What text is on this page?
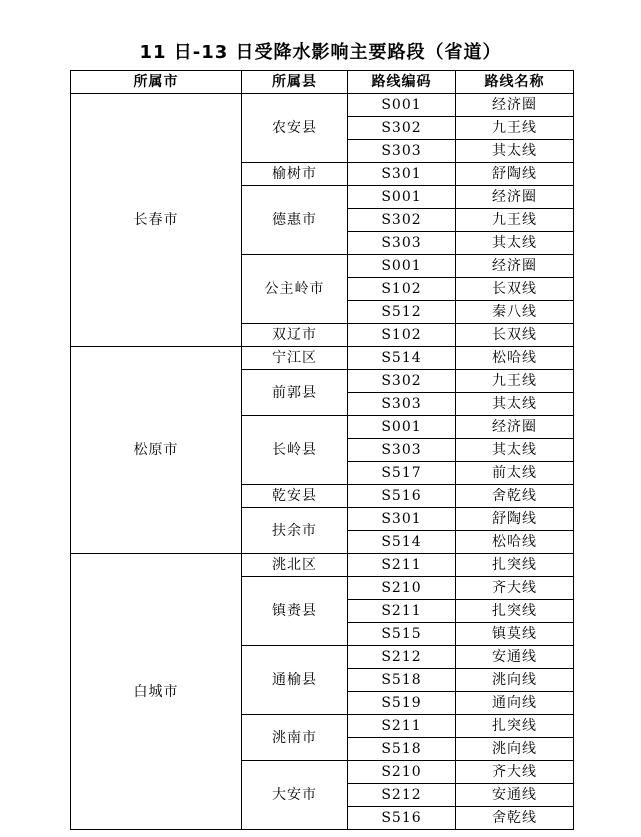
11 日-13 日受降水影响主要路段（省道）
所属市	所属县	路线编码	路线名称
长春市	农安县	S001	经济圈
		S302	九王线
		S303	其太线
	榆树市	S301	舒陶线
	德惠市	S001	经济圈
		S302	九王线
		S303	其太线
	公主岭市	S001	经济圈
		S102	长双线
		S512	秦八线
	双辽市	S102	长双线
松原市	宁江区	S514	松哈线
	前郭县	S302	九王线
		S303	其太线
	长岭县	S001	经济圈
		S303	其太线
		S517	前太线
	乾安县	S516	舍乾线
	扶余市	S301	舒陶线
		S514	松哈线
白城市	洮北区	S211	扎突线
	镇赉县	S210	齐大线
		S211	扎突线
		S515	镇莫线
	通榆县	S212	安通线
		S518	洮向线
		S519	通向线
	洮南市	S211	扎突线
		S518	洮向线
	大安市	S210	齐大线
		S212	安通线
		S516	舍乾线
